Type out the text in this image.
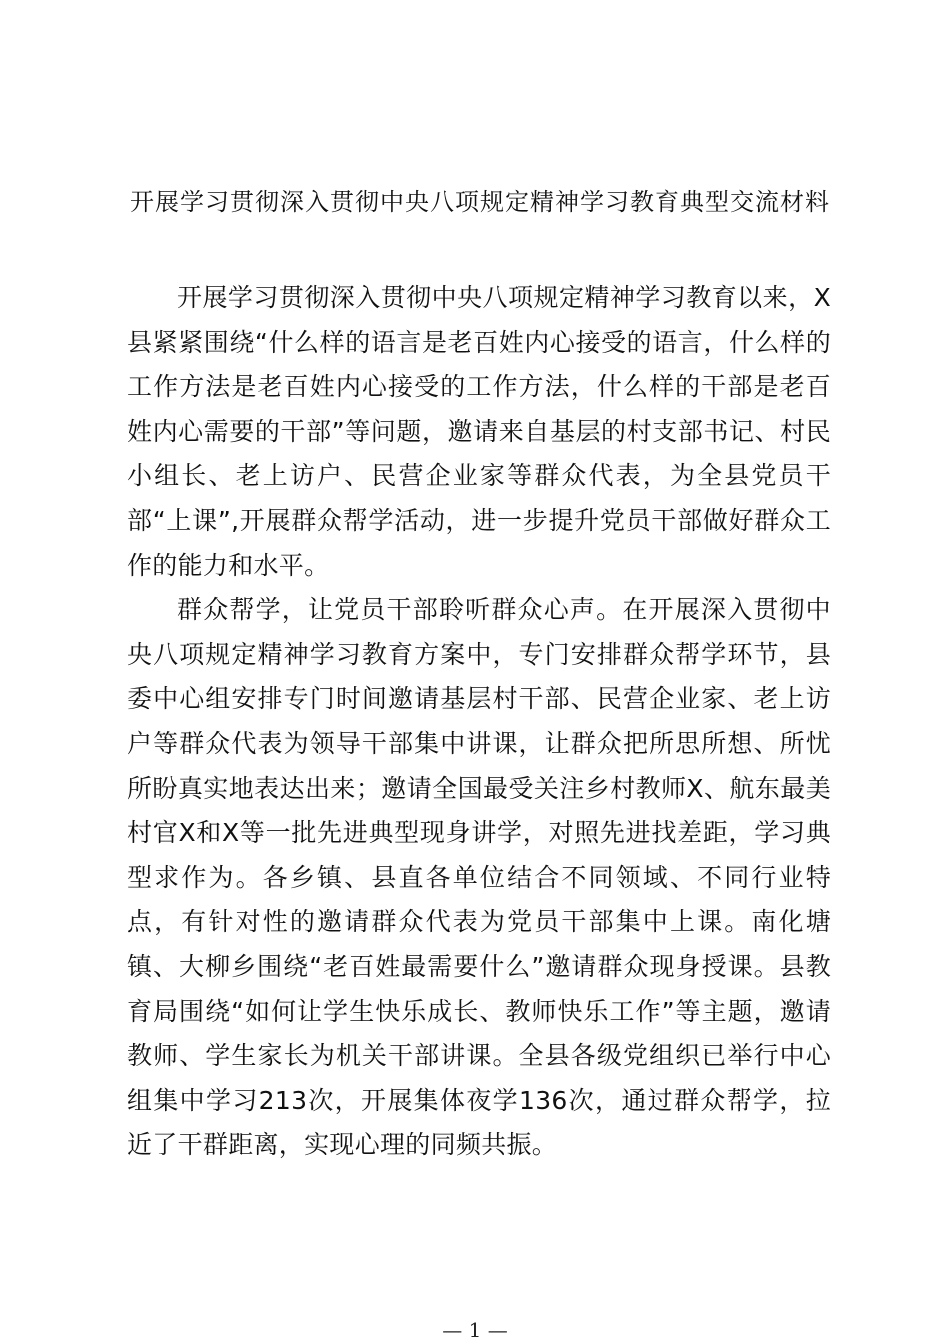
开展学习贯彻深入贯彻中央八项规定精神学习教育典型交流材料

开展学习贯彻深入贯彻中央八项规定精神学习教育以来，X县紧紧围绕“什么样的语言是老百姓内心接受的语言，什么样的工作方法是老百姓内心接受的工作方法，什么样的干部是老百姓内心需要的干部”等问题，邀请来自基层的村支部书记、村民小组长、老上访户、民营企业家等群众代表，为全县党员干部“上课”,开展群众帮学活动，进一步提升党员干部做好群众工作的能力和水平。

群众帮学，让党员干部聆听群众心声。在开展深入贯彻中央八项规定精神学习教育方案中，专门安排群众帮学环节，县委中心组安排专门时间邀请基层村干部、民营企业家、老上访户等群众代表为领导干部集中讲课，让群众把所思所想、所忧所盼真实地表达出来；邀请全国最受关注乡村教师X、航东最美村官X和X等一批先进典型现身讲学，对照先进找差距，学习典型求作为。各乡镇、县直各单位结合不同领域、不同行业特点，有针对性的邀请群众代表为党员干部集中上课。南化塘镇、大柳乡围绕“老百姓最需要什么”邀请群众现身授课。县教育局围绕“如何让学生快乐成长、教师快乐工作”等主题，邀请教师、学生家长为机关干部讲课。全县各级党组织已举行中心组集中学习213次，开展集体夜学136次，通过群众帮学，拉近了干群距离，实现心理的同频共振。

— 1 —
